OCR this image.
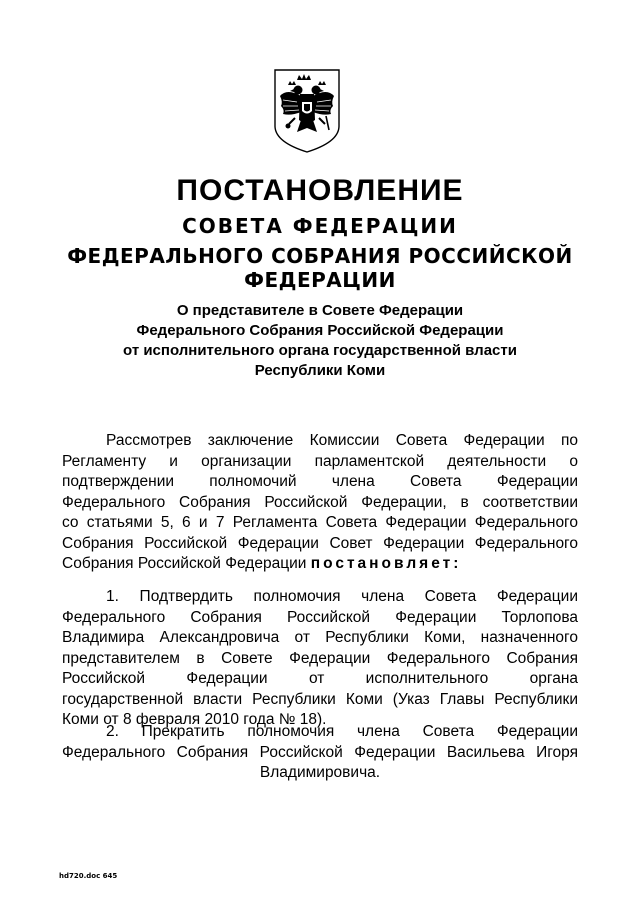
ПОСТАНОВЛЕНИЕ
СОВЕТА ФЕДЕРАЦИИ
ФЕДЕРАЛЬНОГО СОБРАНИЯ РОССИЙСКОЙ ФЕДЕРАЦИИ
О представителе в Совете Федерации
Федерального Собрания Российской Федерации
от исполнительного органа государственной власти
Республики Коми
Рассмотрев заключение Комиссии Совета Федерации по
Регламенту и организации парламентской деятельности о
подтверждении полномочий члена Совета Федерации
Федерального Собрания Российской Федерации, в соответствии
со статьями 5, 6 и 7 Регламента Совета Федерации Федерального
Собрания Российской Федерации Совет Федерации Федерального
Собрания Российской Федерации постановляет:
1. Подтвердить полномочия члена Совета Федерации
Федерального Собрания Российской Федерации Торлопова
Владимира Александровича от Республики Коми, назначенного
представителем в Совете Федерации Федерального Собрания
Российской Федерации от исполнительного органа
государственной власти Республики Коми (Указ Главы Республики
Коми от 8 февраля 2010 года № 18).
2. Прекратить полномочия члена Совета Федерации
Федерального Собрания Российской Федерации Васильева Игоря
Владимировича.
hd720.doc 645
